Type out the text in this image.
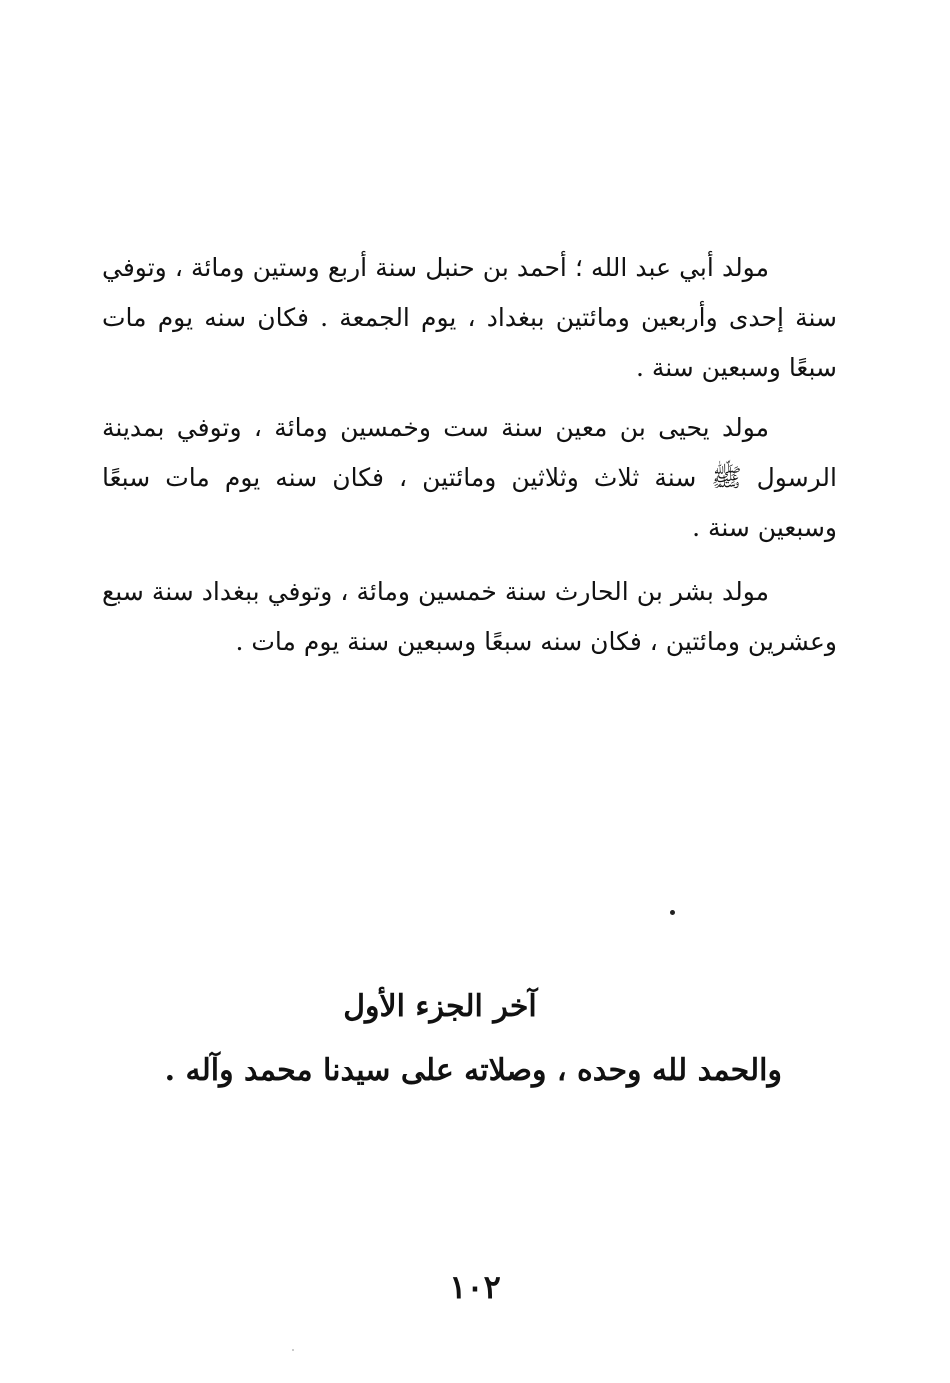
مولد أبي عبد الله ؛ أحمد بن حنبل سنة أربع وستين ومائة ، وتوفي سنة إحدى وأربعين ومائتين ببغداد ، يوم الجمعة . فكان سنه يوم مات سبعًا وسبعين سنة .
مولد يحيى بن معين سنة ست وخمسين ومائة ، وتوفي بمدينة الرسول ﷺ سنة ثلاث وثلاثين ومائتين ، فكان سنه يوم مات سبعًا وسبعين سنة .
مولد بشر بن الحارث سنة خمسين ومائة ، وتوفي ببغداد سنة سبع وعشرين ومائتين ، فكان سنه سبعًا وسبعين سنة يوم مات .

آخر الجزء الأول

والحمد لله وحده ، وصلاته على سيدنا محمد وآله .

١٠٢
